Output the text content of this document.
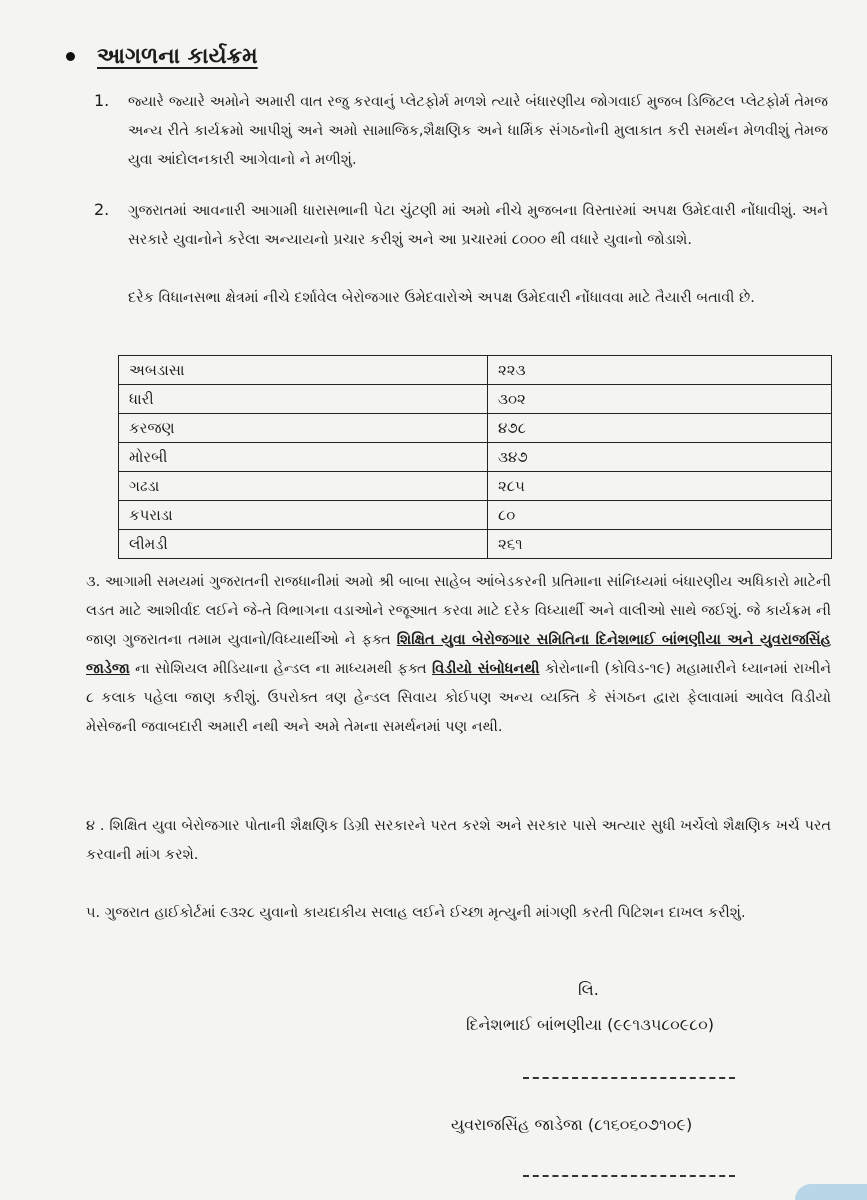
આગળના કાર્યક્રમ
1. જ્યારે જ્યારે અમોને અમારી વાત રજુ કરવાનું પ્લેટફોર્મ મળશે ત્યારે બંધારણીય જોગવાઈ મુજબ ડિજિટલ પ્લેટફોર્મ તેમજ અન્ય રીતે કાર્યક્રમો આપીશું અને અમો સામાજિક,શૈક્ષણિક અને ધાર્મિક સંગઠનોની મુલાકાત કરી સમર્થન મેળવીશું તેમજ યુવા આંદોલનકારી આગેવાનો ને મળીશું.
2. ગુજરાતમાં આવનારી આગામી ધારાસભાની પેટા ચુંટણી માં અમો નીચે મુજબના વિસ્તારમાં અપક્ષ ઉમેદવારી નોંધાવીશું. અને સરકારે યુવાનોને કરેલા અન્યાયનો પ્રચાર કરીશું અને આ પ્રચારમાં ૮૦૦૦ થી વધારે યુવાનો જોડાશે.
દરેક વિધાનસભા ક્ષેત્રમાં નીચે દર્શાવેલ બેરોજગાર ઉમેદવારોએ અપક્ષ ઉમેદવારી નોંધાવવા માટે તૈયારી બતાવી છે.
અબડાસા	૨૨૩
ધારી	૩૦૨
કરજણ	૪૭૮
મોરબી	૩૪૭
ગઢડા	૨૮૫
કપરાડા	૮૦
લીમડી	૨૬૧
૩. આગામી સમયમાં ગુજરાતની રાજધાનીમાં અમો શ્રી બાબા સાહેબ આંબેડકરની પ્રતિમાના સાંનિધ્યમાં બંધારણીય અધિકારો માટેની લડત માટે આશીર્વાદ લઈને જે-તે વિભાગના વડાઓને રજૂઆત કરવા માટે દરેક વિધ્યાર્થી અને વાલીઓ સાથે જઈશું. જે કાર્યક્રમ ની જાણ ગુજરાતના તમામ યુવાનો/વિધ્યાર્થીઓ ને ફક્ત શિક્ષિત યુવા બેરોજગાર સમિતિના દિનેશભાઈ બાંભણીયા અને યુવરાજસિંહ જાડેજા ના સોશિયલ મીડિયાના હેન્ડલ ના માધ્યમથી ફક્ત વિડીયો સંબોધનથી કોરોનાની (કોવિડ-૧૯) મહામારીને ધ્યાનમાં રાખીને ૮ કલાક પહેલા જાણ કરીશું. ઉપરોક્ત ત્રણ હેન્ડલ સિવાય કોઈપણ અન્ય વ્યક્તિ કે સંગઠન દ્વારા ફેલાવામાં આવેલ વિડીયો મેસેજની જવાબદારી અમારી નથી અને અમે તેમના સમર્થનમાં પણ નથી.
૪ . શિક્ષિત યુવા બેરોજગાર પોતાની શૈક્ષણિક ડિગ્રી સરકારને પરત કરશે અને સરકાર પાસે અત્યાર સુધી ખર્ચેલો શૈક્ષણિક ખર્ચ પરત કરવાની માંગ કરશે.
૫. ગુજરાત હાઈકોર્ટમાં ૯૩૨૮ યુવાનો કાયદાકીય સલાહ લઈને ઈચ્છા મૃત્યુની માંગણી કરતી પિટિશન દાખલ કરીશું.
લિ.
દિનેશભાઈ બાંભણીયા (૯૯૧૩૫૮૦૯૮૦)
યુવરાજસિંહ જાડેજા (૮૧૬૦૬૦૭૧૦૯)
